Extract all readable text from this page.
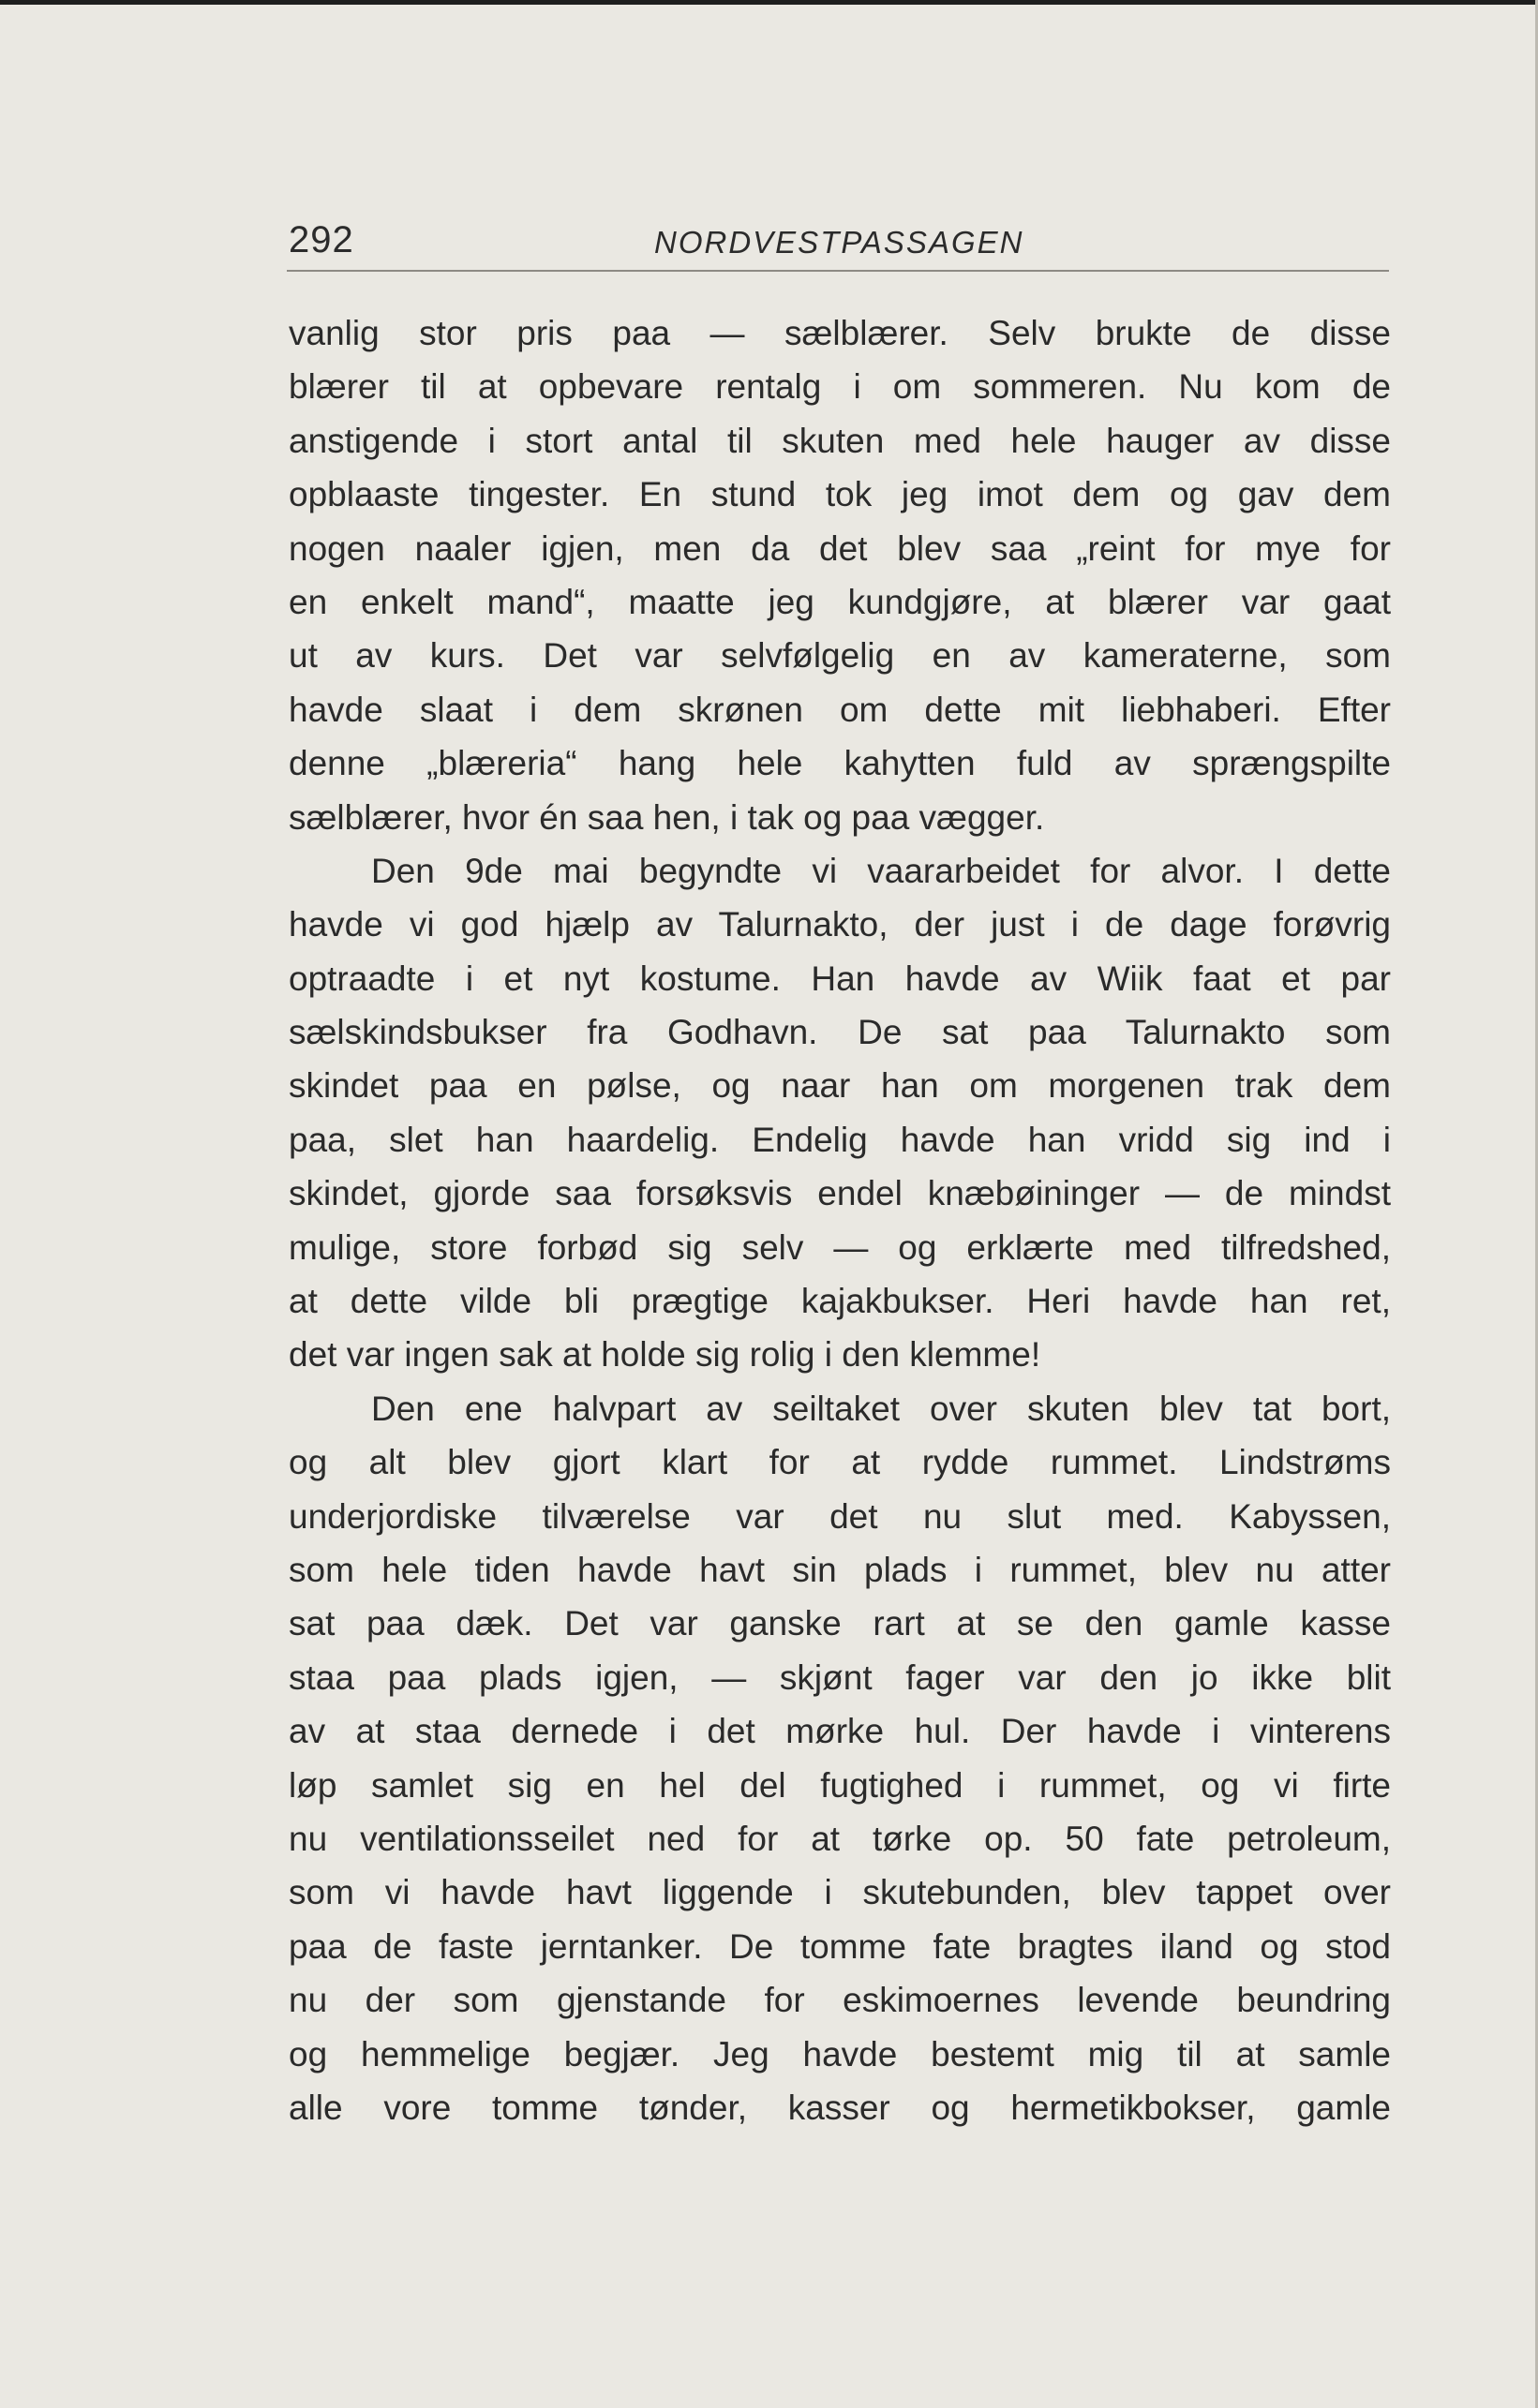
292	NORDVESTPASSAGEN
vanlig stor pris paa — sælblærer. Selv brukte de disse
blærer til at opbevare rentalg i om sommeren. Nu kom de
anstigende i stort antal til skuten med hele hauger av disse
opblaaste tingester. En stund tok jeg imot dem og gav dem
nogen naaler igjen, men da det blev saa „reint for mye for
en enkelt mand“, maatte jeg kundgjøre, at blærer var gaat
ut av kurs. Det var selvfølgelig en av kameraterne, som
havde slaat i dem skrønen om dette mit liebhaberi. Efter
denne „blæreria“ hang hele kahytten fuld av sprængspilte
sælblærer, hvor én saa hen, i tak og paa vægger.
Den 9de mai begyndte vi vaararbeidet for alvor. I dette
havde vi god hjælp av Talurnakto, der just i de dage forøvrig
optraadte i et nyt kostume. Han havde av Wiik faat et par
sælskindsbukser fra Godhavn. De sat paa Talurnakto som
skindet paa en pølse, og naar han om morgenen trak dem
paa, slet han haardelig. Endelig havde han vridd sig ind i
skindet, gjorde saa forsøksvis endel knæbøininger — de mindst
mulige, store forbød sig selv — og erklærte med tilfredshed,
at dette vilde bli prægtige kajakbukser. Heri havde han ret,
det var ingen sak at holde sig rolig i den klemme!
Den ene halvpart av seiltaket over skuten blev tat bort,
og alt blev gjort klart for at rydde rummet. Lindstrøms
underjordiske tilværelse var det nu slut med. Kabyssen,
som hele tiden havde havt sin plads i rummet, blev nu atter
sat paa dæk. Det var ganske rart at se den gamle kasse
staa paa plads igjen, — skjønt fager var den jo ikke blit
av at staa dernede i det mørke hul. Der havde i vinterens
løp samlet sig en hel del fugtighed i rummet, og vi firte
nu ventilationsseilet ned for at tørke op. 50 fate petroleum,
som vi havde havt liggende i skutebunden, blev tappet over
paa de faste jerntanker. De tomme fate bragtes iland og stod
nu der som gjenstande for eskimoernes levende beundring
og hemmelige begjær. Jeg havde bestemt mig til at samle
alle vore tomme tønder, kasser og hermetikbokser, gamle
